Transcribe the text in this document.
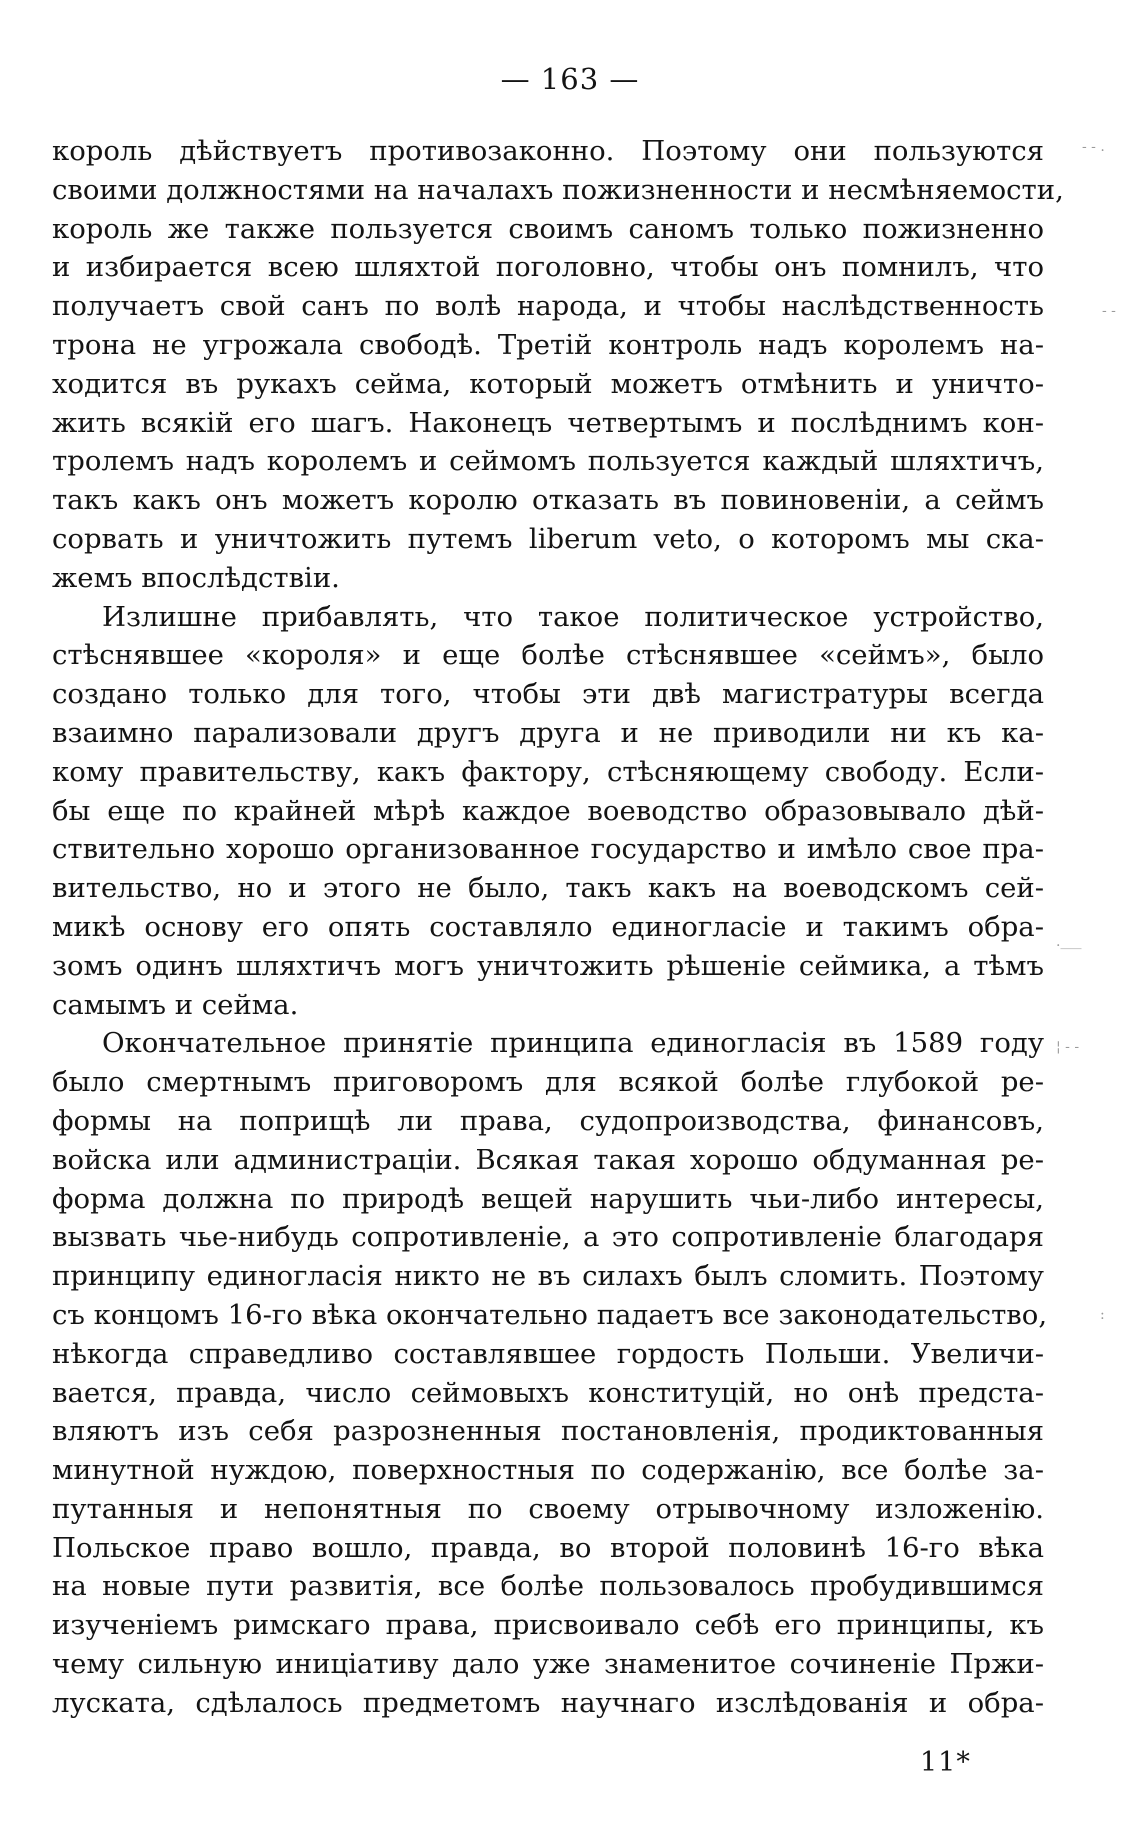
— 163 —
король дѣйствуетъ противозаконно. Поэтому они пользуются
своими должностями на началахъ пожизненности и несмѣняемости,
король же также пользуется своимъ саномъ только пожизненно
и избирается всею шляхтой поголовно, чтобы онъ помнилъ, что
получаетъ свой санъ по волѣ народа, и чтобы наслѣдственность
трона не угрожала свободѣ. Третій контроль надъ королемъ на-
ходится въ рукахъ сейма, который можетъ отмѣнить и уничто-
жить всякій его шагъ. Наконецъ четвертымъ и послѣднимъ кон-
тролемъ надъ королемъ и сеймомъ пользуется каждый шляхтичъ,
такъ какъ онъ можетъ королю отказать въ повиновеніи, а сеймъ
сорвать и уничтожить путемъ liberum veto, о которомъ мы ска-
жемъ впослѣдствіи.
Излишне прибавлять, что такое политическое устройство,
стѣснявшее «короля» и еще болѣе стѣснявшее «сеймъ», было
создано только для того, чтобы эти двѣ магистратуры всегда
взаимно парализовали другъ друга и не приводили ни къ ка-
кому правительству, какъ фактору, стѣсняющему свободу. Если-
бы еще по крайней мѣрѣ каждое воеводство образовывало дѣй-
ствительно хорошо организованное государство и имѣло свое пра-
вительство, но и этого не было, такъ какъ на воеводскомъ сей-
микѣ основу его опять составляло единогласіе и такимъ обра-
зомъ одинъ шляхтичъ могъ уничтожить рѣшеніе сеймика, а тѣмъ
самымъ и сейма.
Окончательное принятіе принципа единогласія въ 1589 году
было смертнымъ приговоромъ для всякой болѣе глубокой ре-
формы на поприщѣ ли права, судопроизводства, финансовъ,
войска или администраціи. Всякая такая хорошо обдуманная ре-
форма должна по природѣ вещей нарушить чьи-либо интересы,
вызвать чье-нибудь сопротивленіе, а это сопротивленіе благодаря
принципу единогласія никто не въ силахъ былъ сломить. Поэтому
съ концомъ 16-го вѣка окончательно падаетъ все законодательство,
нѣкогда справедливо составлявшее гордость Польши. Увеличи-
вается, правда, число сеймовыхъ конституцій, но онѣ предста-
вляютъ изъ себя разрозненныя постановленія, продиктованныя
минутной нуждою, поверхностныя по содержанію, все болѣе за-
путанныя и непонятныя по своему отрывочному изложенію.
Польское право вошло, правда, во второй половинѣ 16-го вѣка
на новые пути развитія, все болѣе пользовалось пробудившимся
изученіемъ римскаго права, присвоивало себѣ его принципы, къ
чему сильную иниціативу дало уже знаменитое сочиненіе Пржи-
луската, сдѣлалось предметомъ научнаго изслѣдованія и обра-
11*
- - .
- -
.___
¦ - -
:
